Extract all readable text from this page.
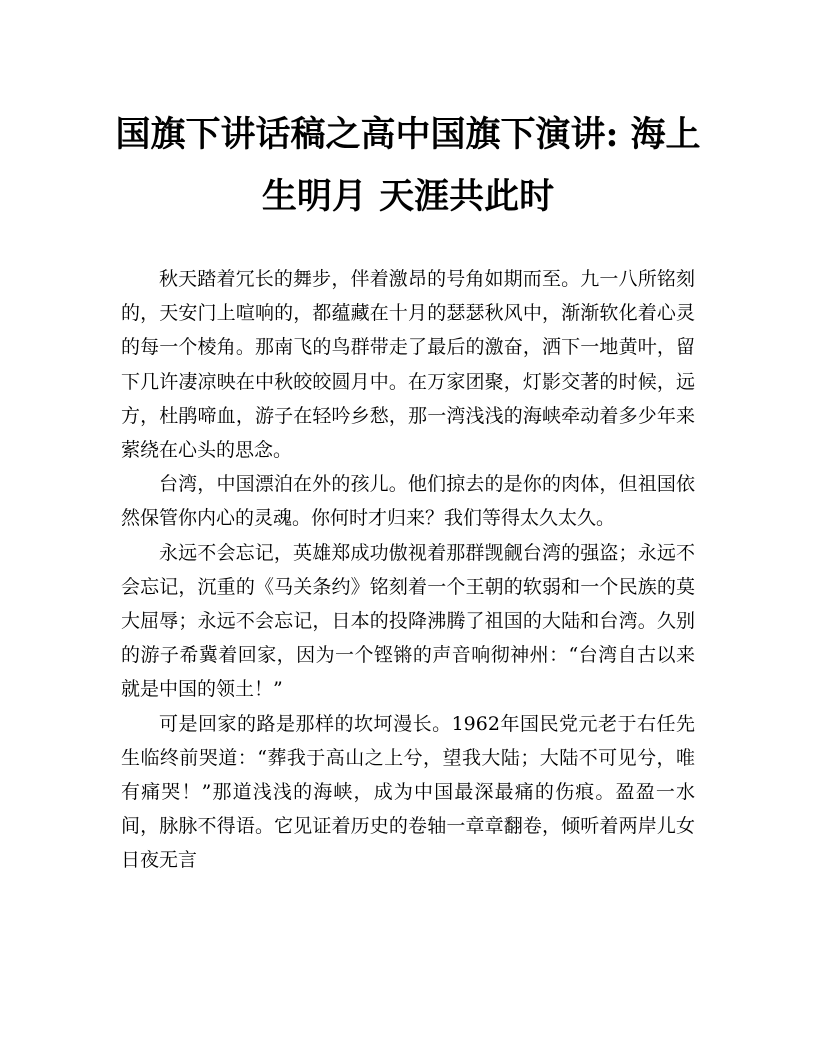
国旗下讲话稿之高中国旗下演讲: 海上
生明月 天涯共此时

秋天踏着冗长的舞步，伴着激昂的号角如期而至。九一八所铭刻的，天安门上喧响的，都蕴藏在十月的瑟瑟秋风中，渐渐软化着心灵的每一个棱角。那南飞的鸟群带走了最后的激奋，洒下一地黄叶，留下几许凄凉映在中秋皎皎圆月中。在万家团聚，灯影交著的时候，远方，杜鹃啼血，游子在轻吟乡愁，那一湾浅浅的海峡牵动着多少年来萦绕在心头的思念。

台湾，中国漂泊在外的孩儿。他们掠去的是你的肉体，但祖国依然保管你内心的灵魂。你何时才归来？我们等得太久太久。

永远不会忘记，英雄郑成功傲视着那群觊觎台湾的强盗；永远不会忘记，沉重的《马关条约》铭刻着一个王朝的软弱和一个民族的莫大屈辱；永远不会忘记，日本的投降沸腾了祖国的大陆和台湾。久别的游子希冀着回家，因为一个铿锵的声音响彻神州：“台湾自古以来就是中国的领土！”

可是回家的路是那样的坎坷漫长。1962年国民党元老于右任先生临终前哭道：“葬我于高山之上兮，望我大陆；大陆不可见兮，唯有痛哭！”那道浅浅的海峡，成为中国最深最痛的伤痕。盈盈一水间，脉脉不得语。它见证着历史的卷轴一章章翻卷，倾听着两岸儿女日夜无言
